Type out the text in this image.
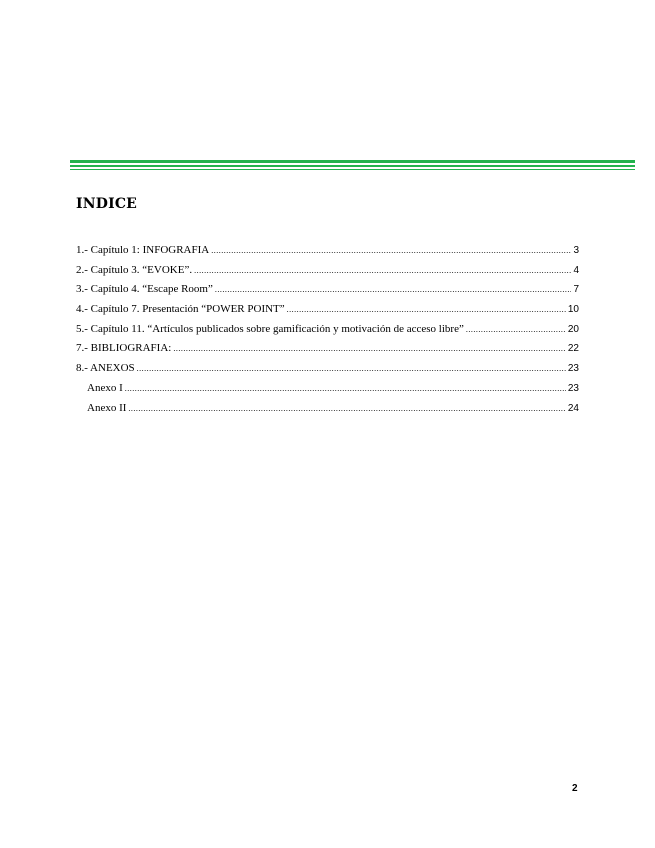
INDICE
1.- Capítulo 1: INFOGRAFIA .....	3
2.- Capítulo 3. “EVOKE”. .....	4
3.- Capítulo 4. “Escape Room” .....	7
4.- Capítulo 7. Presentación “POWER POINT” .....	10
5.- Capítulo 11. “Artículos publicados sobre gamificación y motivación de acceso libre” .....	20
7.- BIBLIOGRAFIA: .....	22
8.- ANEXOS .....	23
Anexo I .....	23
Anexo II .....	24
2
